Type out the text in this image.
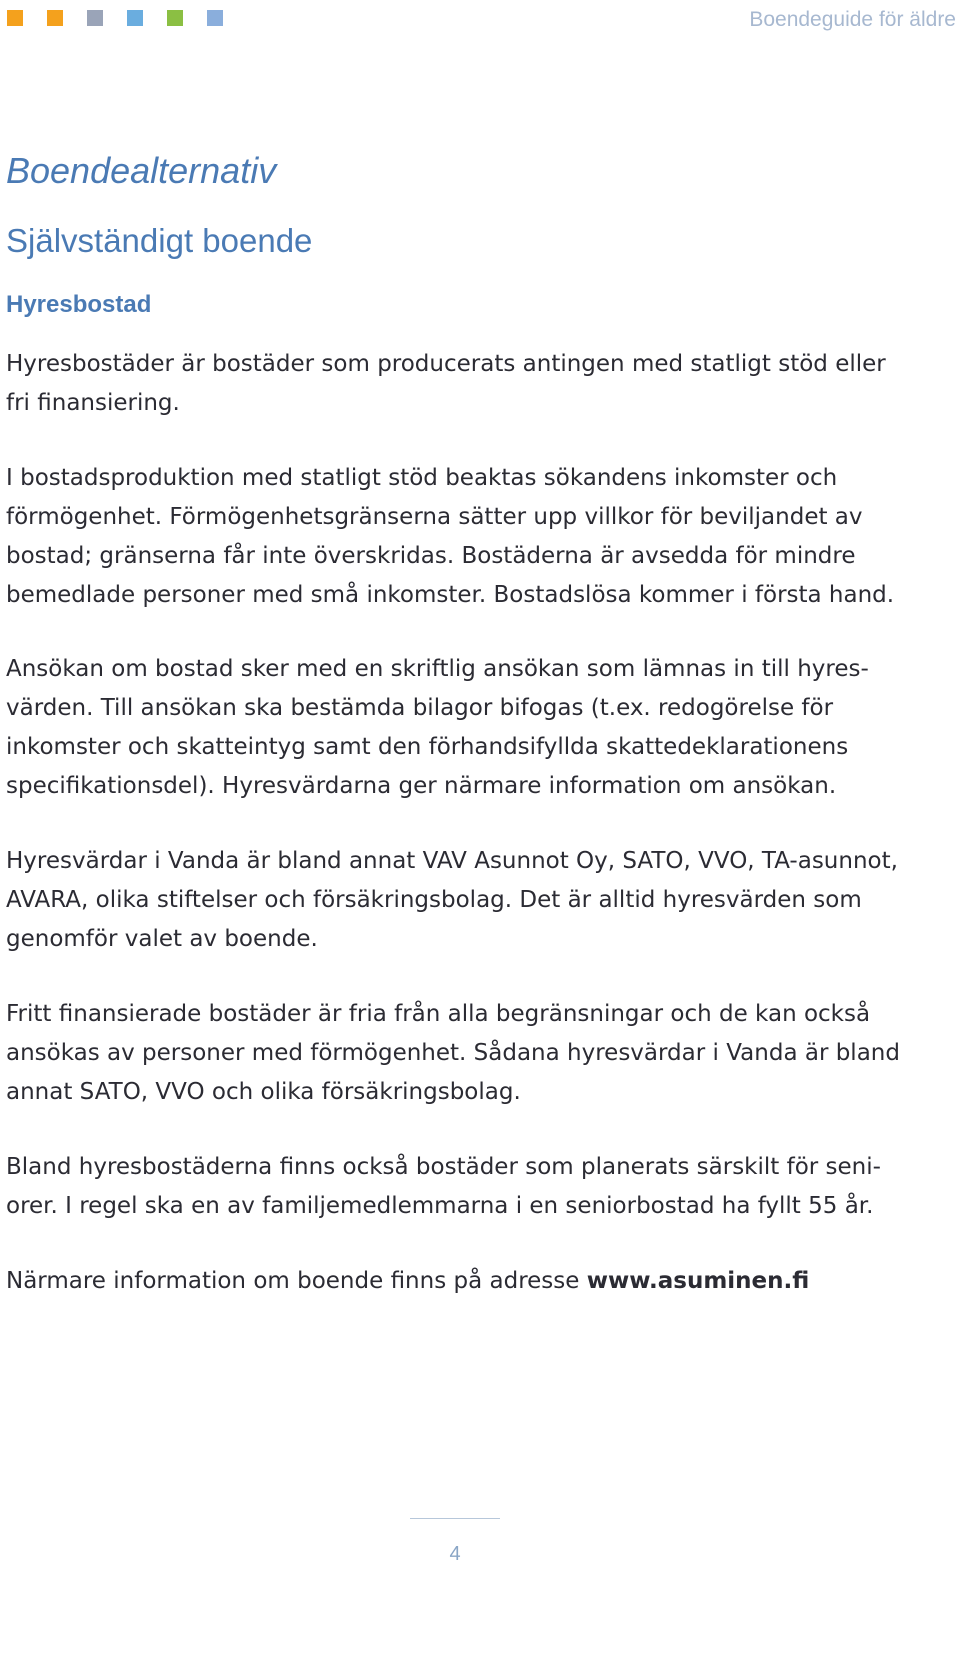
Boendeguide för äldre
Boendealternativ
Självständigt boende
Hyresbostad

Hyresbostäder är bostäder som producerats antingen med statligt stöd eller
fri finansiering.

I bostadsproduktion med statligt stöd beaktas sökandens inkomster och
förmögenhet. Förmögenhetsgränserna sätter upp villkor för beviljandet av
bostad; gränserna får inte överskridas. Bostäderna är avsedda för mindre
bemedlade personer med små inkomster. Bostadslösa kommer i första hand.

Ansökan om bostad sker med en skriftlig ansökan som lämnas in till hyres-
värden. Till ansökan ska bestämda bilagor bifogas (t.ex. redogörelse för
inkomster och skatteintyg samt den förhandsifyllda skattedeklarationens
specifikationsdel). Hyresvärdarna ger närmare information om ansökan.

Hyresvärdar i Vanda är bland annat VAV Asunnot Oy, SATO, VVO, TA-asunnot,
AVARA, olika stiftelser och försäkringsbolag. Det är alltid hyresvärden som
genomför valet av boende.

Fritt finansierade bostäder är fria från alla begränsningar och de kan också
ansökas av personer med förmögenhet. Sådana hyresvärdar i Vanda är bland
annat SATO, VVO och olika försäkringsbolag.

Bland hyresbostäderna finns också bostäder som planerats särskilt för seni-
orer. I regel ska en av familjemedlemmarna i en seniorbostad ha fyllt 55 år.

Närmare information om boende finns på adresse www.asuminen.fi

4
